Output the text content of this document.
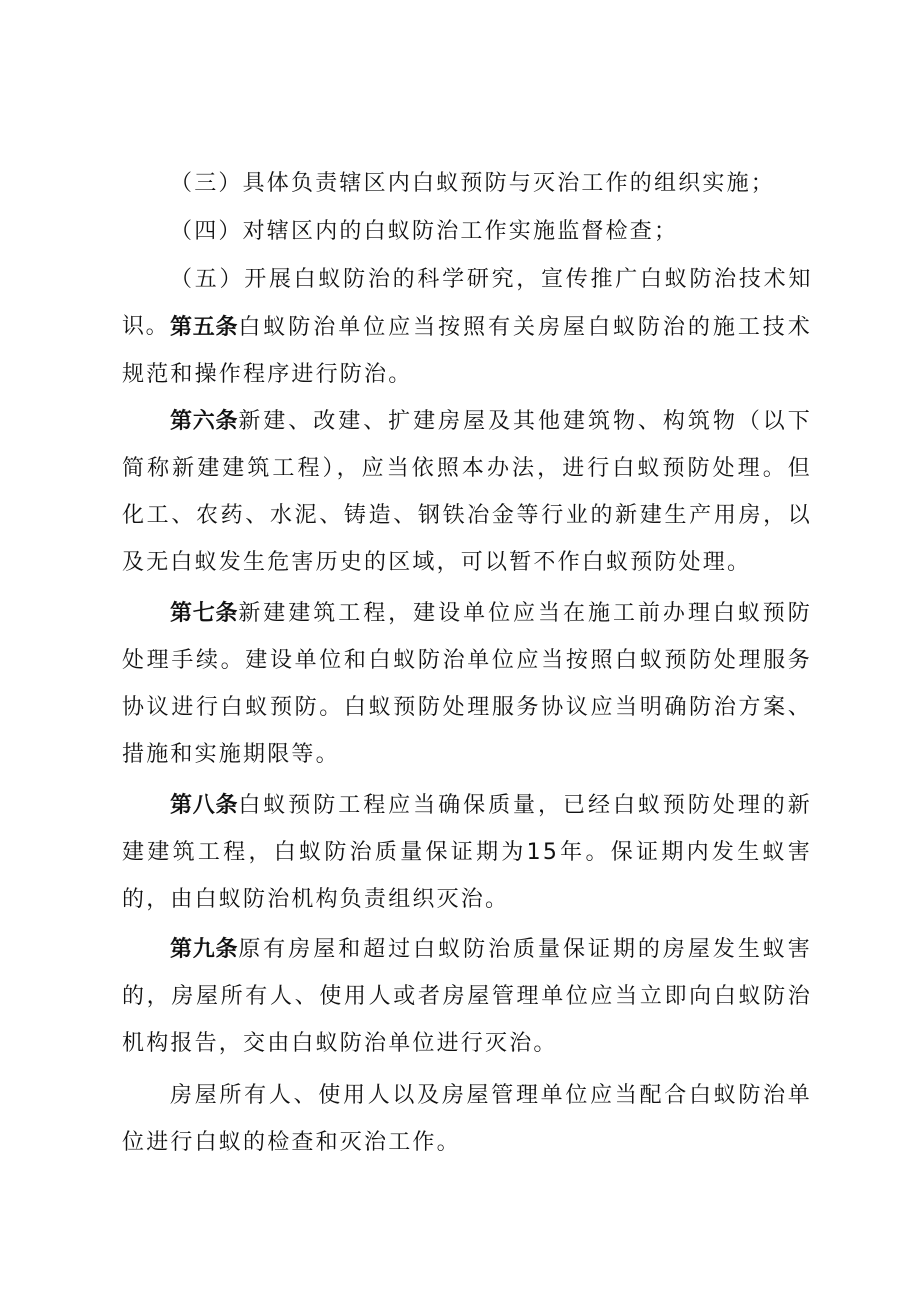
（三）具体负责辖区内白蚁预防与灭治工作的组织实施；

（四）对辖区内的白蚁防治工作实施监督检查；

（五）开展白蚁防治的科学研究，宣传推广白蚁防治技术知识。 第五条白蚁防治单位应当按照有关房屋白蚁防治的施工技术规范和操作程序进行防治。

第六条新建、改建、扩建房屋及其他建筑物、构筑物（以下简称新建建筑工程），应当依照本办法，进行白蚁预防处理。但化工、农药、水泥、铸造、钢铁冶金等行业的新建生产用房，以及无白蚁发生危害历史的区域，可以暂不作白蚁预防处理。

第七条新建建筑工程，建设单位应当在施工前办理白蚁预防处理手续。建设单位和白蚁防治单位应当按照白蚁预防处理服务协议进行白蚁预防。白蚁预防处理服务协议应当明确防治方案、措施和实施期限等。

第八条白蚁预防工程应当确保质量，已经白蚁预防处理的新建建筑工程，白蚁防治质量保证期为15年。保证期内发生蚁害的，由白蚁防治机构负责组织灭治。

第九条原有房屋和超过白蚁防治质量保证期的房屋发生蚁害的，房屋所有人、使用人或者房屋管理单位应当立即向白蚁防治机构报告，交由白蚁防治单位进行灭治。

房屋所有人、使用人以及房屋管理单位应当配合白蚁防治单位进行白蚁的检查和灭治工作。
